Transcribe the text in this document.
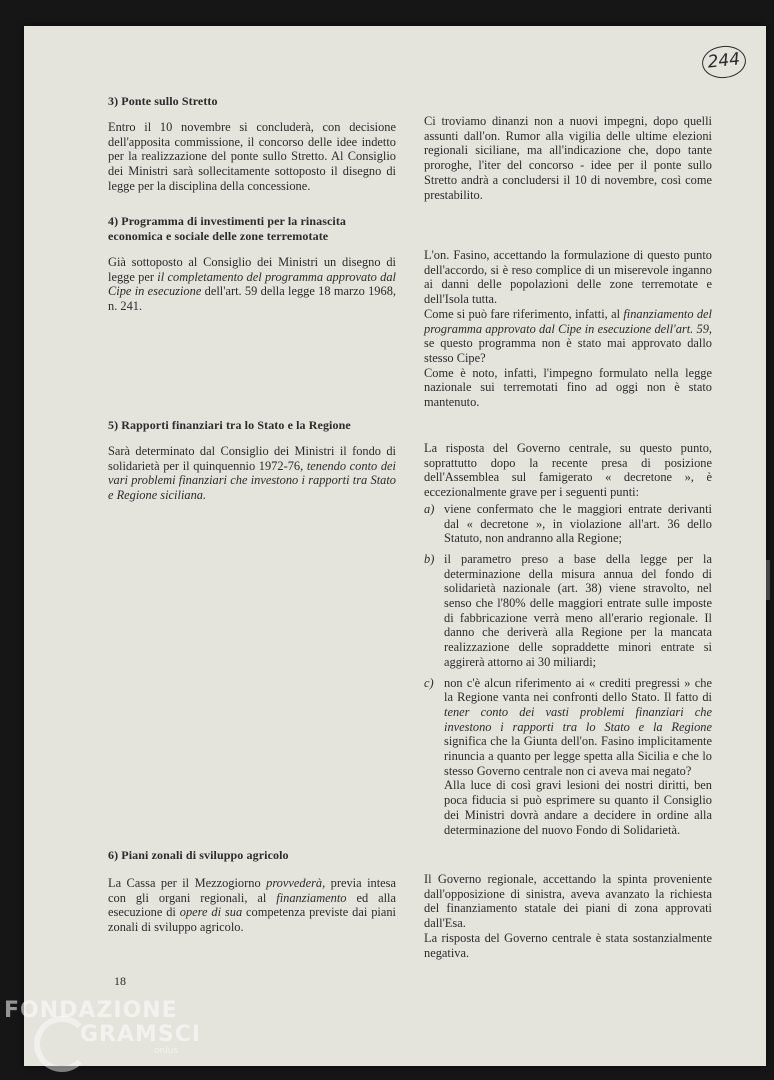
244
3) Ponte sullo Stretto
Entro il 10 novembre si concluderà, con decisione dell'apposita commissione, il concorso delle idee indetto per la realizzazione del ponte sullo Stretto. Al Consiglio dei Ministri sarà sollecitamente sottoposto il disegno di legge per la disciplina della concessione.
Ci troviamo dinanzi non a nuovi impegni, dopo quelli assunti dall'on. Rumor alla vigilia delle ultime elezioni regionali siciliane, ma all'indicazione che, dopo tante proroghe, l'iter del concorso - idee per il ponte sullo Stretto andrà a concludersi il 10 di novembre, così come prestabilito.
4) Programma di investimenti per la rinascita economica e sociale delle zone terremotate
Già sottoposto al Consiglio dei Ministri un disegno di legge per il completamento del programma approvato dal Cipe in esecuzione dell'art. 59 della legge 18 marzo 1968, n. 241.
L'on. Fasino, accettando la formulazione di questo punto dell'accordo, si è reso complice di un miserevole inganno ai danni delle popolazioni delle zone terremotate e dell'Isola tutta.
Come si può fare riferimento, infatti, al finanziamento del programma approvato dal Cipe in esecuzione dell'art. 59, se questo programma non è stato mai approvato dallo stesso Cipe?
Come è noto, infatti, l'impegno formulato nella legge nazionale sui terremotati fino ad oggi non è stato mantenuto.
5) Rapporti finanziari tra lo Stato e la Regione
Sarà determinato dal Consiglio dei Ministri il fondo di solidarietà per il quinquennio 1972-76, tenendo conto dei vari problemi finanziari che investono i rapporti tra Stato e Regione siciliana.
La risposta del Governo centrale, su questo punto, soprattutto dopo la recente presa di posizione dell'Assemblea sul famigerato « decretone », è eccezionalmente grave per i seguenti punti:
a) viene confermato che le maggiori entrate derivanti dal « decretone », in violazione all'art. 36 dello Statuto, non andranno alla Regione;
b) il parametro preso a base della legge per la determinazione della misura annua del fondo di solidarietà nazionale (art. 38) viene stravolto, nel senso che l'80% delle maggiori entrate sulle imposte di fabbricazione verrà meno all'erario regionale. Il danno che deriverà alla Regione per la mancata realizzazione delle sopraddette minori entrate si aggirerà attorno ai 30 miliardi;
c) non c'è alcun riferimento ai « crediti pregressi » che la Regione vanta nei confronti dello Stato. Il fatto di tener conto dei vasti problemi finanziari che investono i rapporti tra lo Stato e la Regione significa che la Giunta dell'on. Fasino implicitamente rinuncia a quanto per legge spetta alla Sicilia e che lo stesso Governo centrale non ci aveva mai negato?
Alla luce di così gravi lesioni dei nostri diritti, ben poca fiducia si può esprimere su quanto il Consiglio dei Ministri dovrà andare a decidere in ordine alla determinazione del nuovo Fondo di Solidarietà.
6) Piani zonali di sviluppo agricolo
La Cassa per il Mezzogiorno provvederà, previa intesa con gli organi regionali, al finanziamento ed alla esecuzione di opere di sua competenza previste dai piani zonali di sviluppo agricolo.
Il Governo regionale, accettando la spinta proveniente dall'opposizione di sinistra, aveva avanzato la richiesta del finanziamento statale dei piani di zona approvati dall'Esa.
La risposta del Governo centrale è stata sostanzialmente negativa.
18
FONDAZIONE
GRAMSCI
onlus
